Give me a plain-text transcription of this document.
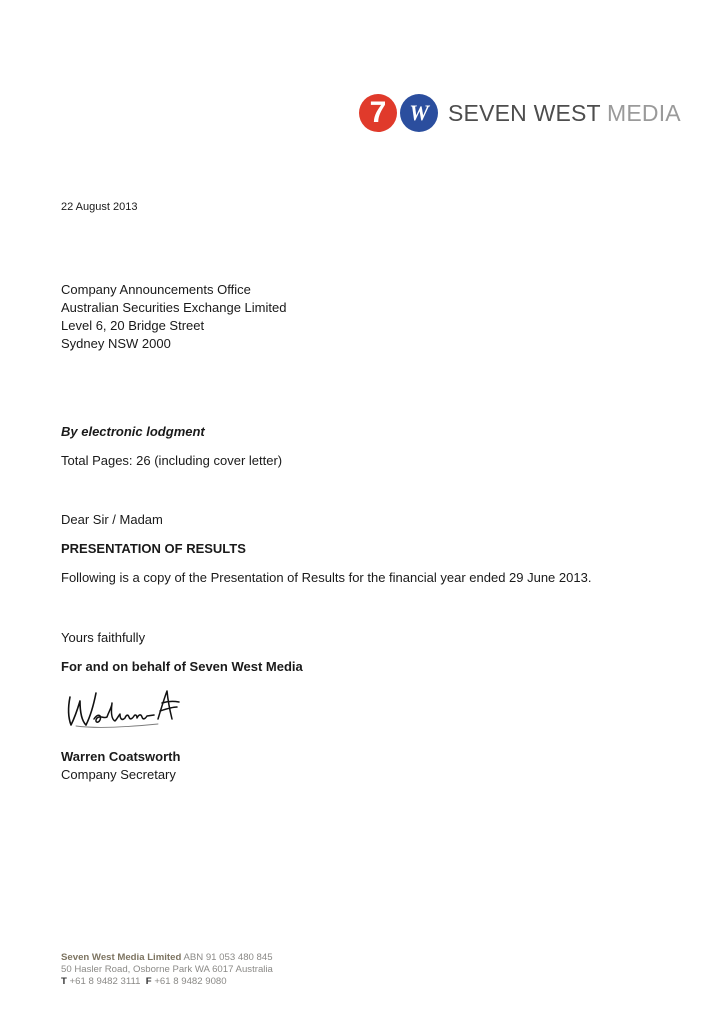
7 W SEVEN WEST MEDIA
22 August 2013
Company Announcements Office
Australian Securities Exchange Limited
Level 6, 20 Bridge Street
Sydney NSW 2000
By electronic lodgment
Total Pages: 26 (including cover letter)
Dear Sir / Madam
PRESENTATION OF RESULTS
Following is a copy of the Presentation of Results for the financial year ended 29 June 2013.
Yours faithfully
For and on behalf of Seven West Media
Warren Coatsworth
Company Secretary
Seven West Media Limited ABN 91 053 480 845
50 Hasler Road, Osborne Park WA 6017 Australia
T +61 8 9482 3111 F +61 8 9482 9080
